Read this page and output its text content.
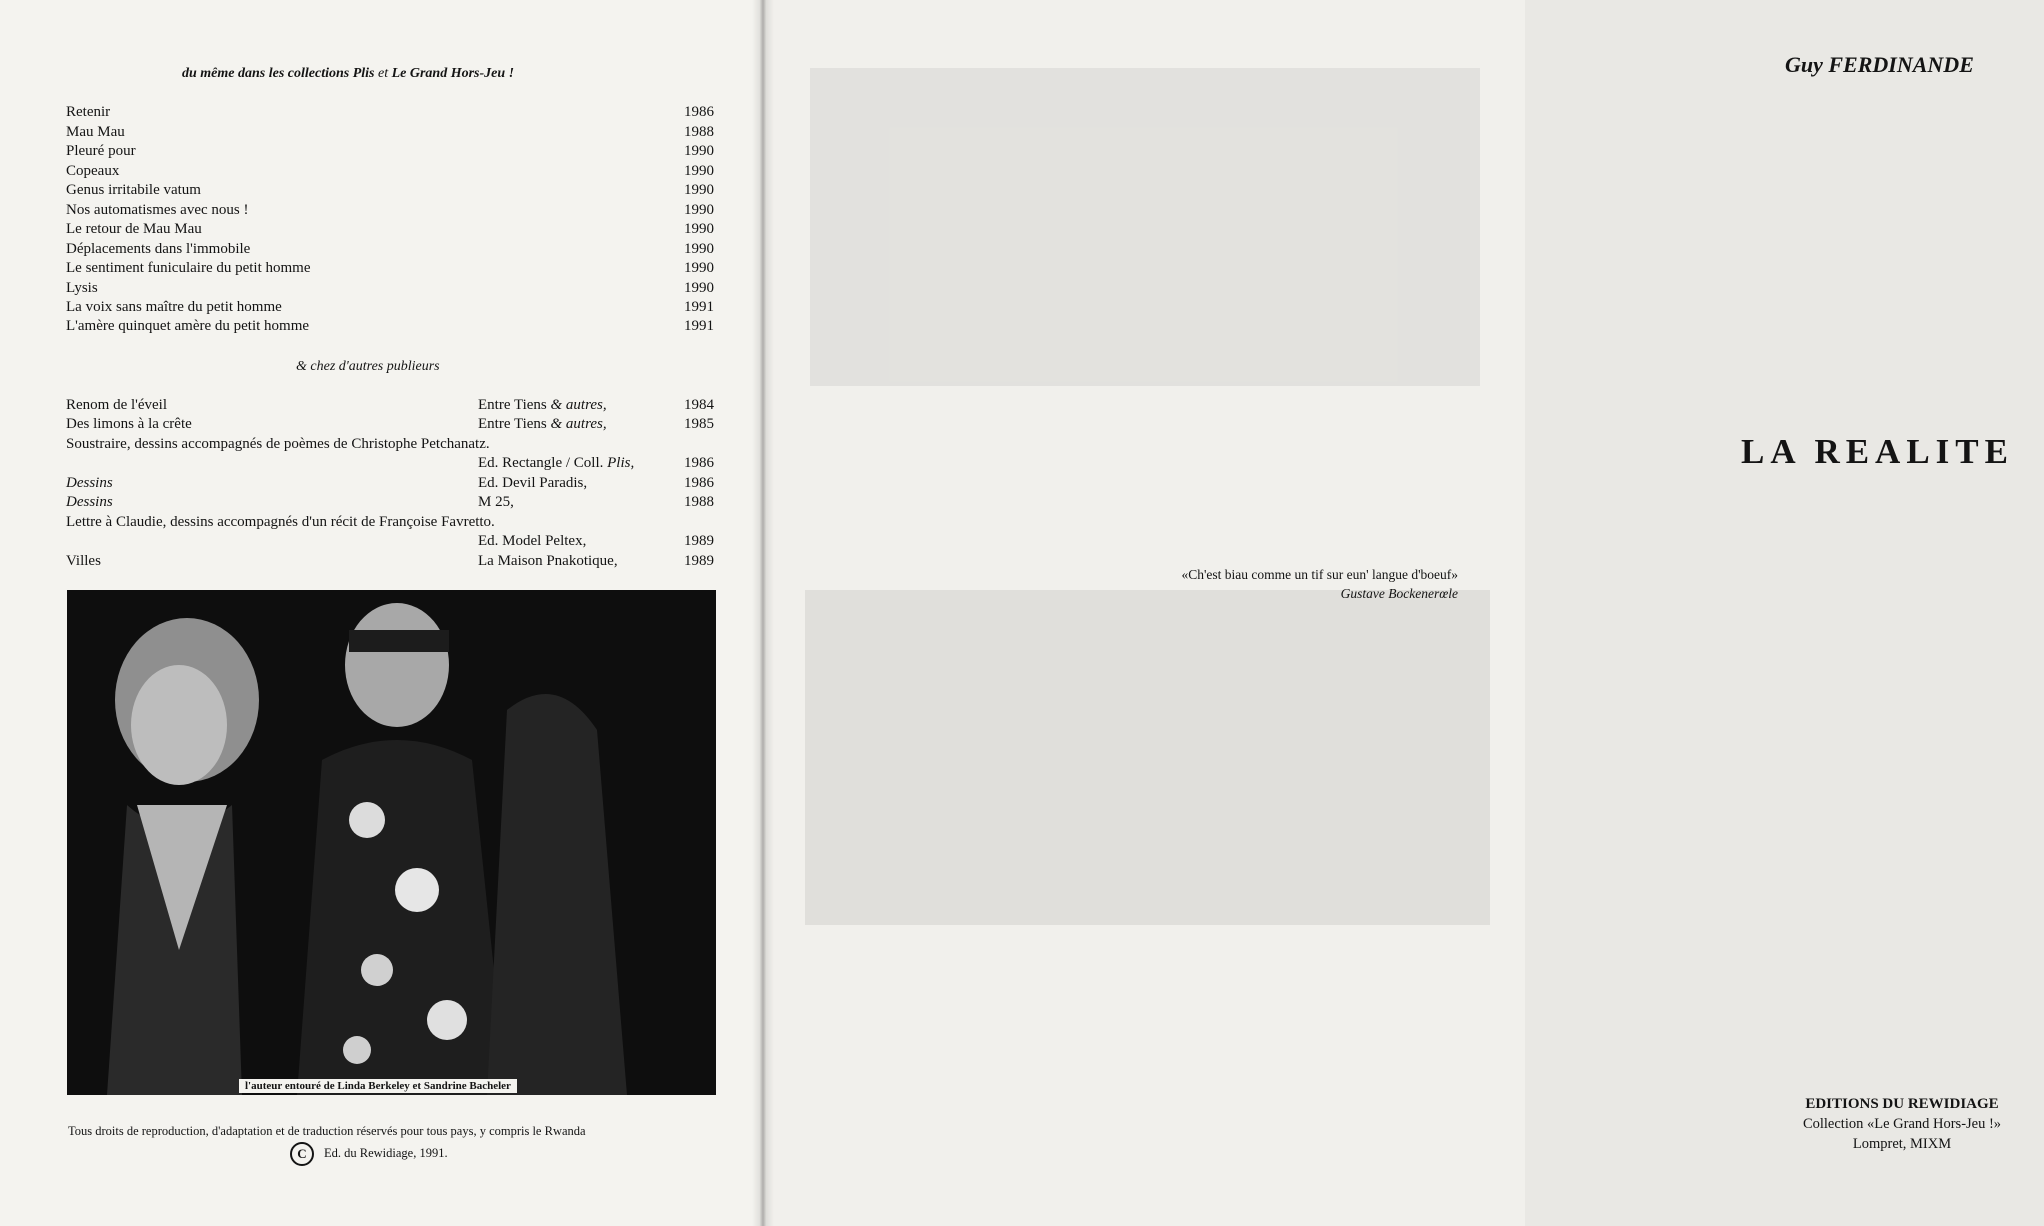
du même dans les collections Plis et Le Grand Hors-Jeu !
Retenir	1986
Mau Mau	1988
Pleuré pour	1990
Copeaux	1990
Genus irritabile vatum	1990
Nos automatismes avec nous !	1990
Le retour de Mau Mau	1990
Déplacements dans l'immobile	1990
Le sentiment funiculaire du petit homme	1990
Lysis	1990
La voix sans maître du petit homme	1991
L'amère quinquet amère du petit homme	1991
& chez d'autres publieurs
Renom de l'éveil	Entre Tiens & autres,	1984
Des limons à la crête	Entre Tiens & autres,	1985
Soustraire, dessins accompagnés de poèmes de Christophe Petchanatz.
Ed. Rectangle / Coll. Plis,	1986
Dessins	Ed. Devil Paradis,	1986
Dessins	M 25,	1988
Lettre à Claudie, dessins accompagnés d'un récit de Françoise Favretto.
Ed. Model Peltex,	1989
Villes	La Maison Pnakotique,	1989
l'auteur entouré de Linda Berkeley et Sandrine Bacheler
Tous droits de reproduction, d'adaptation et de traduction réservés pour tous pays, y compris le Rwanda
C Ed. du Rewidiage, 1991.
Guy FERDINANDE
LA REALITE
«Ch'est biau comme un tif sur eun' langue d'boeuf»
Gustave Bockenerœle
EDITIONS DU REWIDIAGE
Collection «Le Grand Hors-Jeu !»
Lompret, MIXM
